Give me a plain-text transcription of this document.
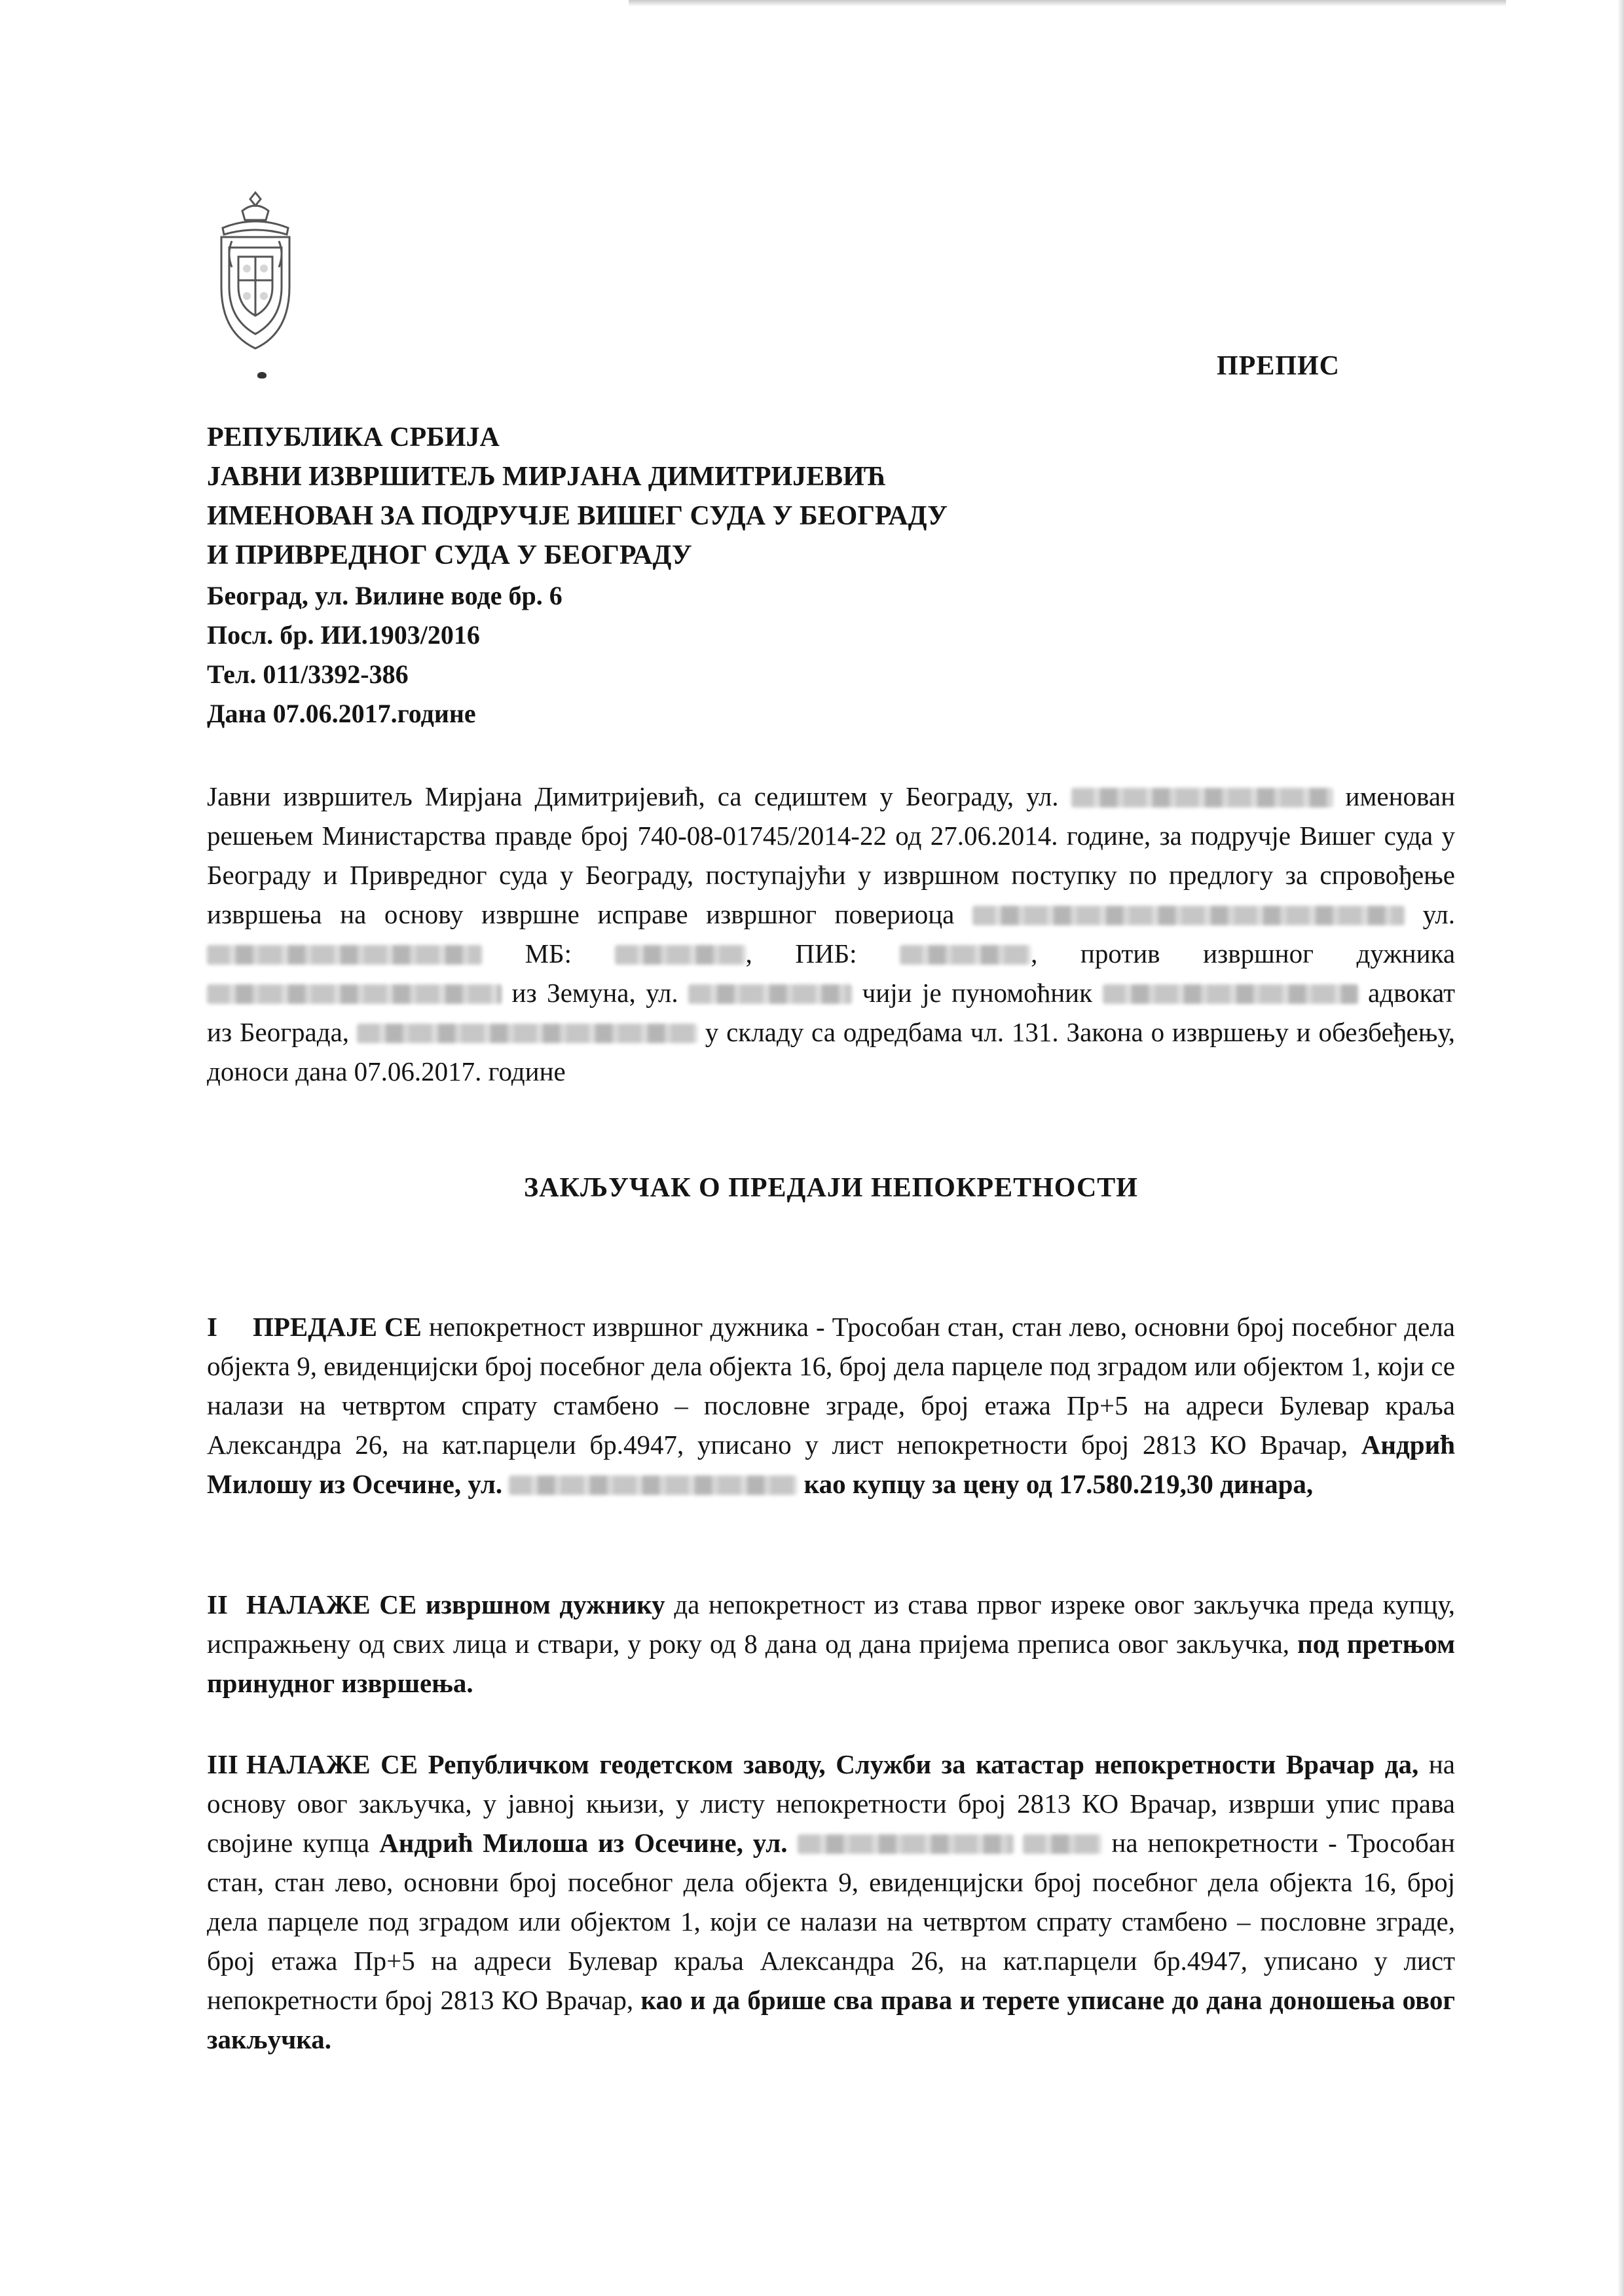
ПРЕПИС
РЕПУБЛИКА СРБИЈА
ЈАВНИ ИЗВРШИТЕЉ МИРЈАНА ДИМИТРИЈЕВИЋ
ИМЕНОВАН ЗА ПОДРУЧЈЕ ВИШЕГ СУДА У БЕОГРАДУ
И ПРИВРЕДНОГ СУДА У БЕОГРАДУ
Београд, ул. Вилине воде бр. 6
Посл. бр. ИИ.1903/2016
Тел. 011/3392-386
Дана 07.06.2017.године
Јавни извршитељ Мирјана Димитријевић, са седиштем у Београду, ул.	именован решењем Министарства правде број 740-08-01745/2014-22 од 27.06.2014. године, за подручје Вишег суда у Београду и Привредног суда у Београду, поступајући у извршном поступку по предлогу за спровођење извршења на основу извршне исправе извршног повериоца	ул.  МБ:	, ПИБ:	, против извршног дужника  из Земуна, ул.	чији је пуномоћник	адвокат из Београда,	у складу са одредбама чл. 131. Закона о извршењу и обезбеђењу, доноси дана 07.06.2017. године
ЗАКЉУЧАК О ПРЕДАЈИ НЕПОКРЕТНОСТИ
I ПРЕДАЈЕ СЕ непокретност извршног дужника - Трособан стан, стан лево, основни број посебног дела објекта 9, евиденцијски број посебног дела објекта 16, број дела парцеле под зградом или објектом 1, који се налази на четвртом спрату стамбено – пословне зграде, број етажа Пр+5 на адреси Булевар краља Александра 26, на кат.парцели бр.4947, уписано у лист непокретности број 2813 КО Врачар, Андрић Милошу из Осечине, ул.	као купцу за цену од 17.580.219,30 динара,
II НАЛАЖЕ СЕ извршном дужнику да непокретност из става првог изреке овог закључка преда купцу, испражњену од свих лица и ствари, у року од 8 дана од дана пријема преписа овог закључка, под претњом принудног извршења.
III НАЛАЖЕ СЕ Републичком геодетском заводу, Служби за катастар непокретности Врачар да, на основу овог закључка, у јавној књизи, у листу непокретности број 2813 КО Врачар, изврши упис права својине купца Андрић Милоша из Осечине, ул.	на непокретности - Трособан стан, стан лево, основни број посебног дела објекта 9, евиденцијски број посебног дела објекта 16, број дела парцеле под зградом или објектом 1, који се налази на четвртом спрату стамбено – пословне зграде, број етажа Пр+5 на адреси Булевар краља Александра 26, на кат.парцели бр.4947, уписано у лист непокретности број 2813 КО Врачар, као и да брише сва права и терете уписане до дана доношења овог закључка.
